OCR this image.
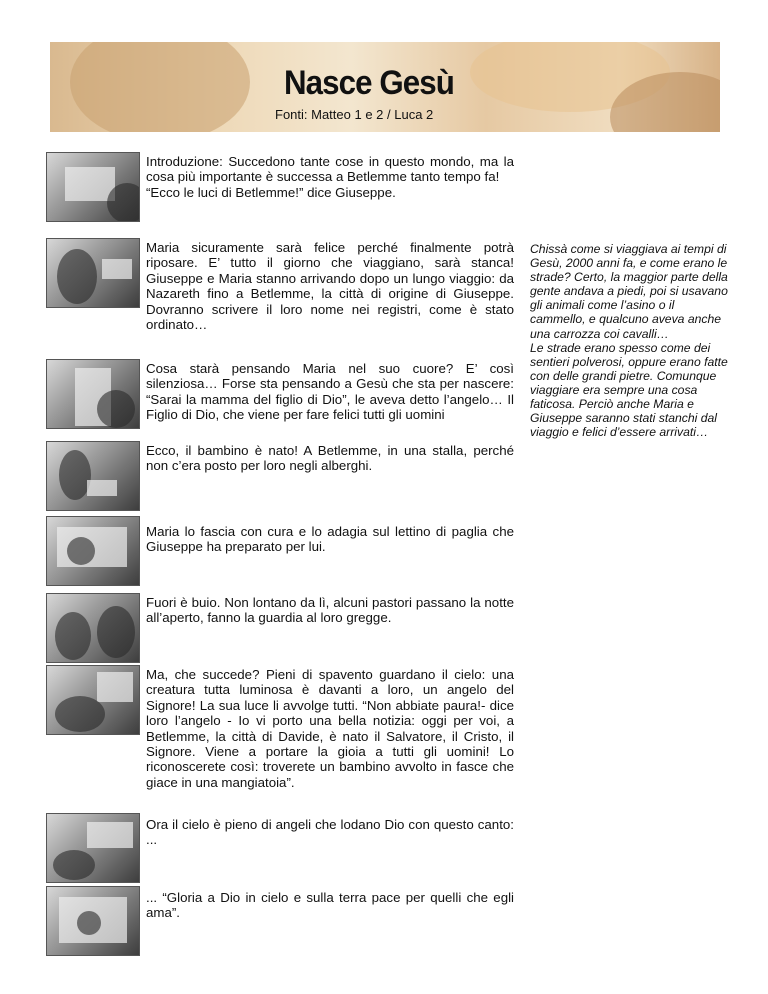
Nasce Gesù
Fonti: Matteo 1 e 2 / Luca 2

Introduzione: Succedono tante cose in questo mondo, ma la cosa più importante è successa a Betlemme tanto tempo fa!

“Ecco le luci di Betlemme!” dice Giuseppe.

Maria sicuramente sarà felice perché finalmente potrà riposare. E’ tutto il giorno che viaggiano, sarà stanca! Giuseppe e Maria stanno arrivando dopo un lungo viaggio: da Nazareth fino a Betlemme, la città di origine di Giuseppe. Dovranno scrivere il loro nome nei registri, come è stato ordinato…

Cosa starà pensando Maria nel suo cuore? E’ così silenziosa… Forse sta pensando a Gesù che sta per nascere: “Sarai la mamma del figlio di Dio”, le aveva detto l’angelo… Il Figlio di Dio, che viene per fare felici tutti gli uomini

Ecco, il bambino è nato! A Betlemme, in una stalla, perché non c’era posto per loro negli alberghi.

Maria lo fascia con cura e lo adagia sul lettino di paglia che Giuseppe ha preparato per lui.

Fuori è buio. Non lontano da lì, alcuni pastori passano la notte all’aperto, fanno la guardia al loro gregge.

Ma, che succede? Pieni di spavento guardano il cielo: una creatura tutta luminosa è davanti a loro, un angelo del Signore! La sua luce li avvolge tutti. “Non abbiate paura!- dice loro l’angelo - Io vi porto una bella notizia: oggi per voi, a Betlemme, la città di Davide, è nato il Salvatore, il Cristo, il Signore. Viene a portare la gioia a tutti gli uomini! Lo riconoscerete così: troverete un bambino avvolto in fasce che giace in una mangiatoia”.

Ora il cielo è pieno di angeli che lodano Dio con questo canto: ...

... “Gloria a Dio in cielo e sulla terra pace per quelli che egli ama”.

Chissà come si viaggiava ai tempi di Gesù, 2000 anni fa, e come erano le strade? Certo, la maggior parte della gente andava a piedi, poi si usavano gli animali come l’asino o il cammello, e qualcuno aveva anche una carrozza coi cavalli…

Le strade erano spesso come dei sentieri polverosi, oppure erano fatte con delle grandi pietre. Comunque viaggiare era sempre una cosa faticosa. Perciò anche Maria e Giuseppe saranno stati stanchi dal viaggio e felici d’essere arrivati…
